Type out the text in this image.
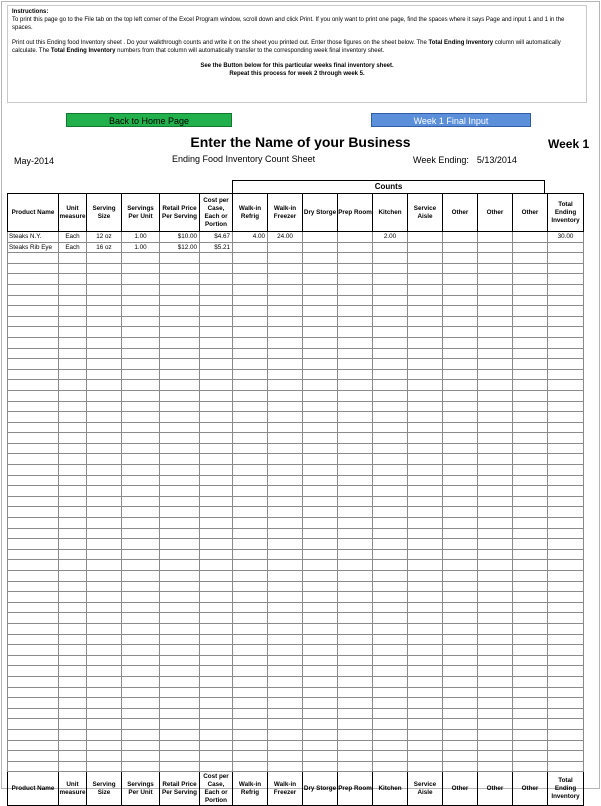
Instructions:

To print this page go to the File tab on the top left corner of the Excel Program window, scroll down and click Print. If you only want to print one page, find the spaces where it says Page and input 1 and 1 in the spaces.

Print out this Ending food Inventory sheet . Do your walkthrough counts and write it on the sheet you printed out. Enter those figures on the sheet below. The Total Ending Inventory column will automatically calculate. The Total Ending Inventory numbers from that column will automatically transfer to the corresponding week final inventory sheet.

See the Button below for this particular weeks final inventory sheet.

Repeat this process for week 2 through week 5.

Back to Home Page	Week 1 Final Input
Enter the Name of your Business	Week 1
May-2014	Ending Food Inventory Count Sheet	Week Ending: 5/13/2014
Counts
Product Name	Unit measure	Serving Size	Servings Per Unit	Retail Price Per Serving	Cost per Case, Each or Portion	Walk-in Refrig	Walk-in Freezer	Dry Storge	Prep Room	Kitchen	Service Aisle	Other	Other	Other	Total Ending Inventory
Steaks N.Y.	Each	12 oz	1.00	$10.00	$4.67	4.00	24.00			2.00					30.00
Steaks Rib Eye	Each	16 oz	1.00	$12.00	$5.21										

Product Name	Unit measure	Serving Size	Servings Per Unit	Retail Price Per Serving	Cost per Case, Each or Portion	Walk-in Refrig	Walk-in Freezer	Dry Storge	Prep Room	Kitchen	Service Aisle	Other	Other	Other	Total Ending Inventory
